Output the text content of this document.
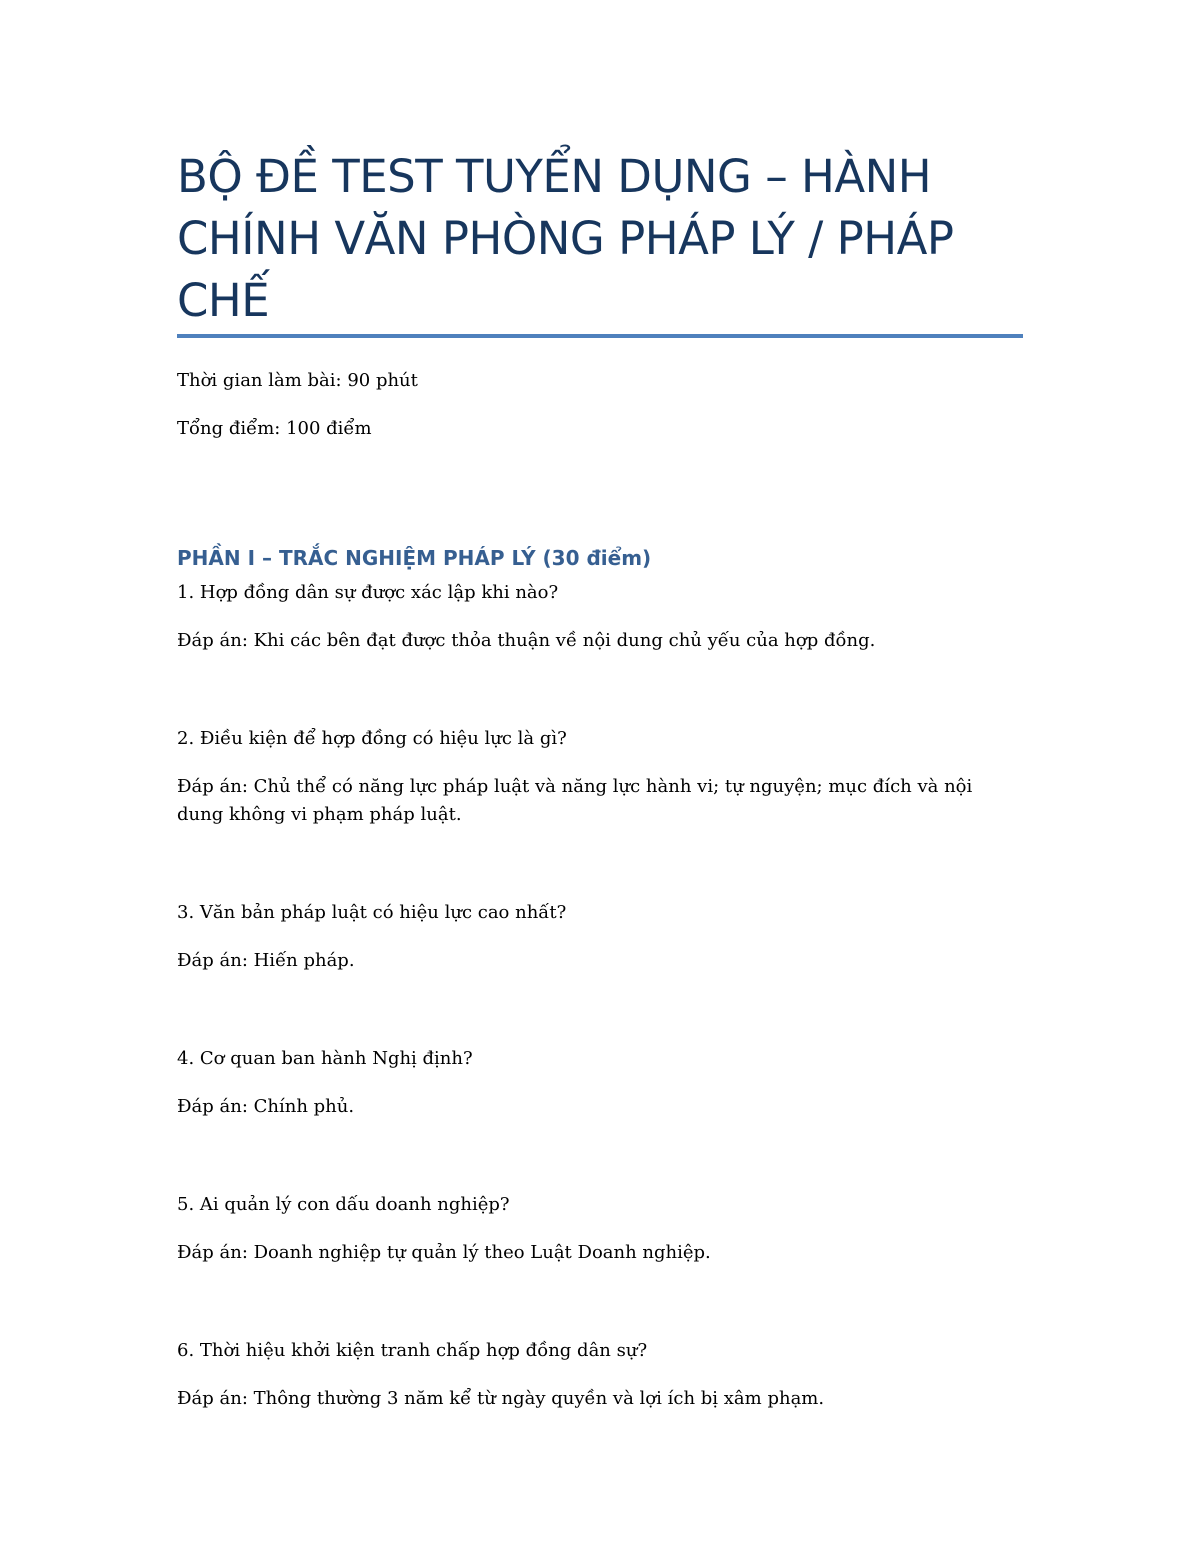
BỘ ĐỀ TEST TUYỂN DỤNG – HÀNH CHÍNH VĂN PHÒNG PHÁP LÝ / PHÁP CHẾ

Thời gian làm bài: 90 phút

Tổng điểm: 100 điểm

PHẦN I – TRẮC NGHIỆM PHÁP LÝ (30 điểm)

1. Hợp đồng dân sự được xác lập khi nào?

Đáp án: Khi các bên đạt được thỏa thuận về nội dung chủ yếu của hợp đồng.

2. Điều kiện để hợp đồng có hiệu lực là gì?

Đáp án: Chủ thể có năng lực pháp luật và năng lực hành vi; tự nguyện; mục đích và nội dung không vi phạm pháp luật.

3. Văn bản pháp luật có hiệu lực cao nhất?

Đáp án: Hiến pháp.

4. Cơ quan ban hành Nghị định?

Đáp án: Chính phủ.

5. Ai quản lý con dấu doanh nghiệp?

Đáp án: Doanh nghiệp tự quản lý theo Luật Doanh nghiệp.

6. Thời hiệu khởi kiện tranh chấp hợp đồng dân sự?

Đáp án: Thông thường 3 năm kể từ ngày quyền và lợi ích bị xâm phạm.
